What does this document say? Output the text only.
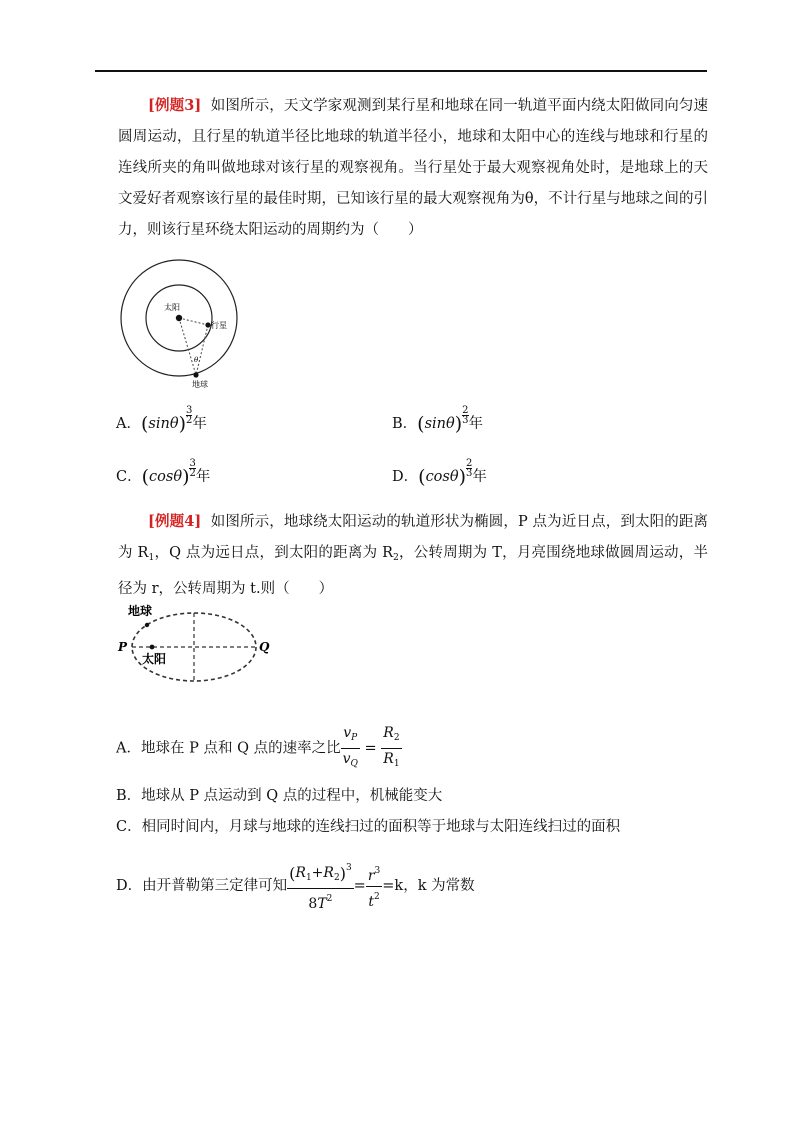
[例题3] 如图所示，天文学家观测到某行星和地球在同一轨道平面内绕太阳做同向匀速圆周运动，且行星的轨道半径比地球的轨道半径小，地球和太阳中心的连线与地球和行星的连线所夹的角叫做地球对该行星的观察视角。当行星处于最大观察视角处时，是地球上的天文爱好者观察该行星的最佳时期，已知该行星的最大观察视角为θ，不计行星与地球之间的引力，则该行星环绕太阳运动的周期约为（　　）
太阳
行星
地球
θ
A．$(\sin\theta) \frac{3}{2}$ 年	B．$(\sin\theta) \frac{2}{3}$ 年
C．$(\cos\theta) \frac{3}{2}$ 年	D．$(\cos\theta) \frac{2}{3}$ 年
[例题4] 如图所示，地球绕太阳运动的轨道形状为椭圆，P 点为近日点，到太阳的距离为 $R_1$，Q 点为远日点，到太阳的距离为 $R_2$，公转周期为 T，月亮围绕地球做圆周运动，半径为 r，公转周期为 t.则（　　）
地球
太阳
P	Q
A．地球在 P 点和 Q 点的速率之比 $\frac{v_P}{v_Q} = \frac{R_2}{R_1}$
B．地球从 P 点运动到 Q 点的过程中，机械能变大
C．相同时间内，月球与地球的连线扫过的面积等于地球与太阳连线扫过的面积
D．由开普勒第三定律可知 $\frac{(R_1+R_2)^3}{8T^2} = \frac{r^3}{t^2} =k$，k 为常数
